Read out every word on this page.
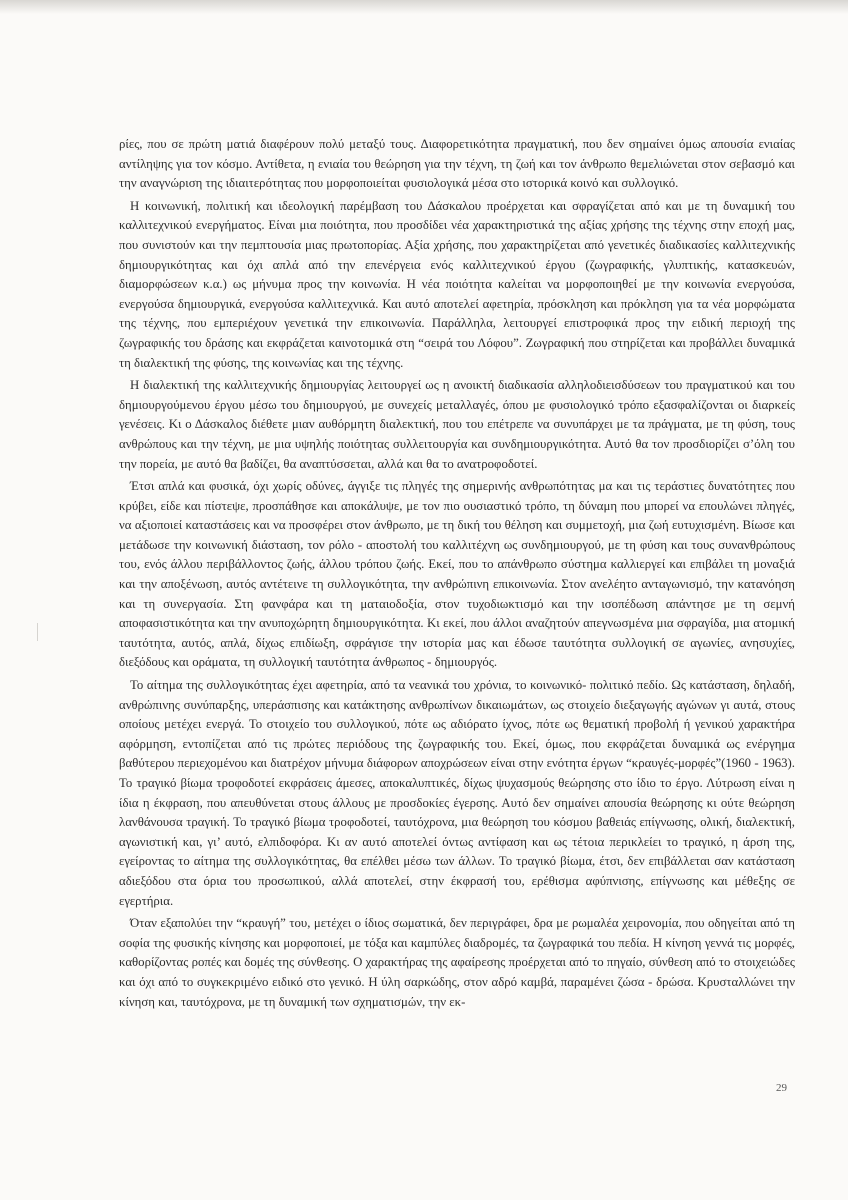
ρίες, που σε πρώτη ματιά διαφέρουν πολύ μεταξύ τους. Διαφορετικότητα πραγματική, που δεν σημαίνει όμως απουσία ενιαίας αντίληψης για τον κόσμο. Αντίθετα, η ενιαία του θεώρηση για την τέχνη, τη ζωή και τον άνθρωπο θεμελιώνεται στον σεβασμό και την αναγνώριση της ιδιαιτερότητας που μορφοποιείται φυσιολογικά μέσα στο ιστορικά κοινό και συλλογικό.

Η κοινωνική, πολιτική και ιδεολογική παρέμβαση του Δάσκαλου προέρχεται και σφραγίζεται από και με τη δυναμική του καλλιτεχνικού ενεργήματος. Είναι μια ποιότητα, που προσδίδει νέα χαρακτηριστικά της αξίας χρήσης της τέχνης στην εποχή μας, που συνιστούν και την πεμπτουσία μιας πρωτοπορίας. Αξία χρήσης, που χαρακτηρίζεται από γενετικές διαδικασίες καλλιτεχνικής δημιουργικότητας και όχι απλά από την επενέργεια ενός καλλιτεχνικού έργου (ζωγραφικής, γλυπτικής, κατασκευών, διαμορφώσεων κ.α.) ως μήνυμα προς την κοινωνία. Η νέα ποιότητα καλείται να μορφοποιηθεί με την κοινωνία ενεργούσα, ενεργούσα δημιουργικά, ενεργούσα καλλιτεχνικά. Και αυτό αποτελεί αφετηρία, πρόσκληση και πρόκληση για τα νέα μορφώματα της τέχνης, που εμπεριέχουν γενετικά την επικοινωνία. Παράλληλα, λειτουργεί επιστροφικά προς την ειδική περιοχή της ζωγραφικής του δράσης και εκφράζεται καινοτομικά στη “σειρά του Λόφου”. Ζωγραφική που στηρίζεται και προβάλλει δυναμικά τη διαλεκτική της φύσης, της κοινωνίας και της τέχνης.

Η διαλεκτική της καλλιτεχνικής δημιουργίας λειτουργεί ως η ανοικτή διαδικασία αλληλοδιεισδύσεων του πραγματικού και του δημιουργούμενου έργου μέσω του δημιουργού, με συνεχείς μεταλλαγές, όπου με φυσιολογικό τρόπο εξασφαλίζονται οι διαρκείς γενέσεις. Κι ο Δάσκαλος διέθετε μιαν αυθόρμητη διαλεκτική, που του επέτρεπε να συνυπάρχει με τα πράγματα, με τη φύση, τους ανθρώπους και την τέχνη, με μια υψηλής ποιότητας συλλειτουργία και συνδημιουργικότητα. Αυτό θα τον προσδιορίζει σ’όλη του την πορεία, με αυτό θα βαδίζει, θα αναπτύσσεται, αλλά και θα το ανατροφοδοτεί.

Έτσι απλά και φυσικά, όχι χωρίς οδύνες, άγγιξε τις πληγές της σημερινής ανθρωπότητας μα και τις τεράστιες δυνατότητες που κρύβει, είδε και πίστεψε, προσπάθησε και αποκάλυψε, με τον πιο ουσιαστικό τρόπο, τη δύναμη που μπορεί να επουλώνει πληγές, να αξιοποιεί καταστάσεις και να προσφέρει στον άνθρωπο, με τη δική του θέληση και συμμετοχή, μια ζωή ευτυχισμένη. Βίωσε και μετάδωσε την κοινωνική διάσταση, τον ρόλο - αποστολή του καλλιτέχνη ως συνδημιουργού, με τη φύση και τους συνανθρώπους του, ενός άλλου περιβάλλοντος ζωής, άλλου τρόπου ζωής. Εκεί, που το απάνθρωπο σύστημα καλλιεργεί και επιβάλει τη μοναξιά και την αποξένωση, αυτός αντέτεινε τη συλλογικότητα, την ανθρώπινη επικοινωνία. Στον ανελέητο ανταγωνισμό, την κατανόηση και τη συνεργασία. Στη φανφάρα και τη ματαιοδοξία, στον τυχοδιωκτισμό και την ισοπέδωση απάντησε με τη σεμνή αποφασιστικότητα και την ανυποχώρητη δημιουργικότητα. Κι εκεί, που άλλοι αναζητούν απεγνωσμένα μια σφραγίδα, μια ατομική ταυτότητα, αυτός, απλά, δίχως επιδίωξη, σφράγισε την ιστορία μας και έδωσε ταυτότητα συλλογική σε αγωνίες, ανησυχίες, διεξόδους και οράματα, τη συλλογική ταυτότητα άνθρωπος - δημιουργός.

Το αίτημα της συλλογικότητας έχει αφετηρία, από τα νεανικά του χρόνια, το κοινωνικό- πολιτικό πεδίο. Ως κατάσταση, δηλαδή, ανθρώπινης συνύπαρξης, υπεράσπισης και κατάκτησης ανθρωπίνων δικαιωμάτων, ως στοιχείο διεξαγωγής αγώνων γι αυτά, στους οποίους μετέχει ενεργά. Το στοιχείο του συλλογικού, πότε ως αδιόρατο ίχνος, πότε ως θεματική προβολή ή γενικού χαρακτήρα αφόρμηση, εντοπίζεται από τις πρώτες περιόδους της ζωγραφικής του. Εκεί, όμως, που εκφράζεται δυναμικά ως ενέργημα βαθύτερου περιεχομένου και διατρέχον μήνυμα διάφορων αποχρώσεων είναι στην ενότητα έργων “κραυγές-μορφές”(1960 - 1963). Το τραγικό βίωμα τροφοδοτεί εκφράσεις άμεσες, αποκαλυπτικές, δίχως ψυχασμούς θεώρησης στο ίδιο το έργο. Λύτρωση είναι η ίδια η έκφραση, που απευθύνεται στους άλλους με προσδοκίες έγερσης. Αυτό δεν σημαίνει απουσία θεώρησης κι ούτε θεώρηση λανθάνουσα τραγική. Το τραγικό βίωμα τροφοδοτεί, ταυτόχρονα, μια θεώρηση του κόσμου βαθειάς επίγνωσης, ολική, διαλεκτική, αγωνιστική και, γι’ αυτό, ελπιδοφόρα. Κι αν αυτό αποτελεί όντως αντίφαση και ως τέτοια περικλείει το τραγικό, η άρση της, εγείροντας το αίτημα της συλλογικότητας, θα επέλθει μέσω των άλλων. Το τραγικό βίωμα, έτσι, δεν επιβάλλεται σαν κατάσταση αδιεξόδου στα όρια του προσωπικού, αλλά αποτελεί, στην έκφρασή του, ερέθισμα αφύπνισης, επίγνωσης και μέθεξης σε εγερτήρια.

Όταν εξαπολύει την “κραυγή” του, μετέχει ο ίδιος σωματικά, δεν περιγράφει, δρα με ρωμαλέα χειρονομία, που οδηγείται από τη σοφία της φυσικής κίνησης και μορφοποιεί, με τόξα και καμπύλες διαδρομές, τα ζωγραφικά του πεδία. Η κίνηση γεννά τις μορφές, καθορίζοντας ροπές και δομές της σύνθεσης. Ο χαρακτήρας της αφαίρεσης προέρχεται από το πηγαίο, σύνθεση από το στοιχειώδες και όχι από το συγκεκριμένο ειδικό στο γενικό. Η ύλη σαρκώδης, στον αδρό καμβά, παραμένει ζώσα - δρώσα. Κρυσταλλώνει την κίνηση και, ταυτόχρονα, με τη δυναμική των σχηματισμών, την εκ-

29
